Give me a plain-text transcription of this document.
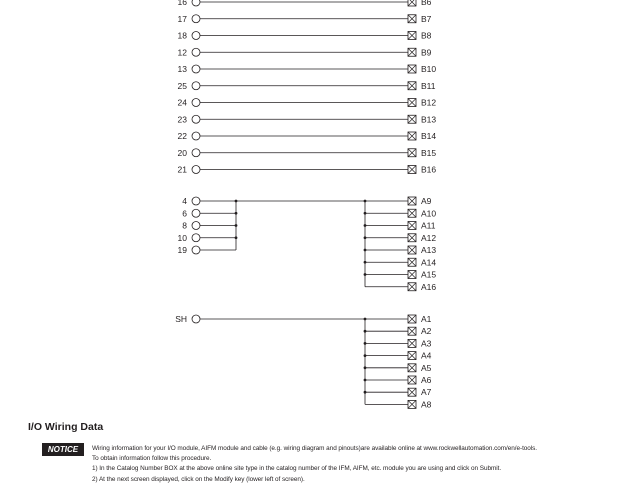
16	B6
17	B7
18	B8
12	B9
13	B10
25	B11
24	B12
23	B13
22	B14
20	B15
21	B16
4
6
8
10
19
A9
A10
A11
A12
A13
A14
A15
A16
SH	A1
A2
A3
A4
A5
A6
A7
A8
I/O Wiring Data
NOTICE	Wiring information for your I/O module, AIFM module and cable (e.g. wiring diagram and pinouts)are available online at www.rockwellautomation.com/en/e-tools.
To obtain information follow this procedure.
1) In the Catalog Number BOX at the above online site type in the catalog number of the IFM, AIFM, etc. module you are using and click on Submit.
2) At the next screen displayed, click on the Modify key (lower left of screen).
